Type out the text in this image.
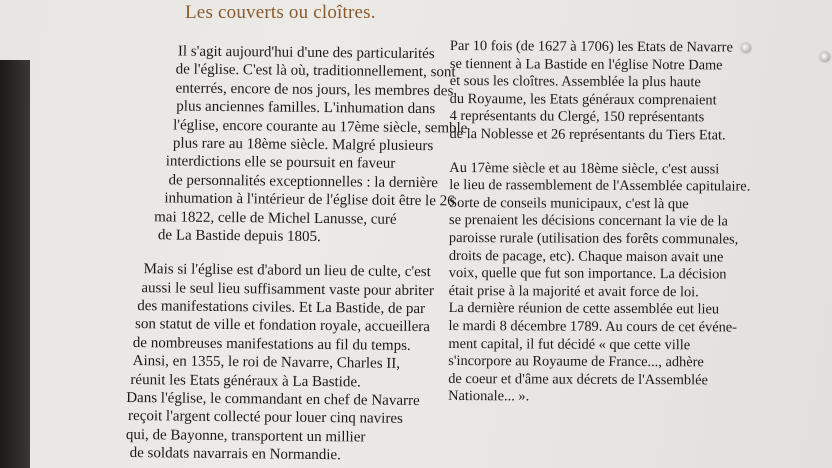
Les couverts ou cloîtres.
Il s'agit aujourd'hui d'une des particularités
de l'église. C'est là où, traditionnellement, sont
enterrés, encore de nos jours, les membres des
plus anciennes familles. L'inhumation dans
l'église, encore courante au 17ème siècle, semble
plus rare au 18ème siècle. Malgré plusieurs
interdictions elle se poursuit en faveur
de personnalités exceptionnelles : la dernière
inhumation à l'intérieur de l'église doit être le 26
mai 1822, celle de Michel Lanusse, curé
de La Bastide depuis 1805.
Mais si l'église est d'abord un lieu de culte, c'est
aussi le seul lieu suffisamment vaste pour abriter
des manifestations civiles. Et La Bastide, de par
son statut de ville et fondation royale, accueillera
de nombreuses manifestations au fil du temps.
Ainsi, en 1355, le roi de Navarre, Charles II,
réunit les Etats généraux à La Bastide.
Dans l'église, le commandant en chef de Navarre
reçoit l'argent collecté pour louer cinq navires
qui, de Bayonne, transportent un millier
de soldats navarrais en Normandie.
Par 10 fois (de 1627 à 1706) les Etats de Navarre
se tiennent à La Bastide en l'église Notre Dame
et sous les cloîtres. Assemblée la plus haute
du Royaume, les Etats généraux comprenaient
4 représentants du Clergé, 150 représentants
de la Noblesse et 26 représentants du Tiers Etat.
Au 17ème siècle et au 18ème siècle, c'est aussi
le lieu de rassemblement de l'Assemblée capitulaire.
Sorte de conseils municipaux, c'est là que
se prenaient les décisions concernant la vie de la
paroisse rurale (utilisation des forêts communales,
droits de pacage, etc). Chaque maison avait une
voix, quelle que fut son importance. La décision
était prise à la majorité et avait force de loi.
La dernière réunion de cette assemblée eut lieu
le mardi 8 décembre 1789. Au cours de cet événe-
ment capital, il fut décidé « que cette ville
s'incorpore au Royaume de France..., adhère
de coeur et d'âme aux décrets de l'Assemblée
Nationale... ».
